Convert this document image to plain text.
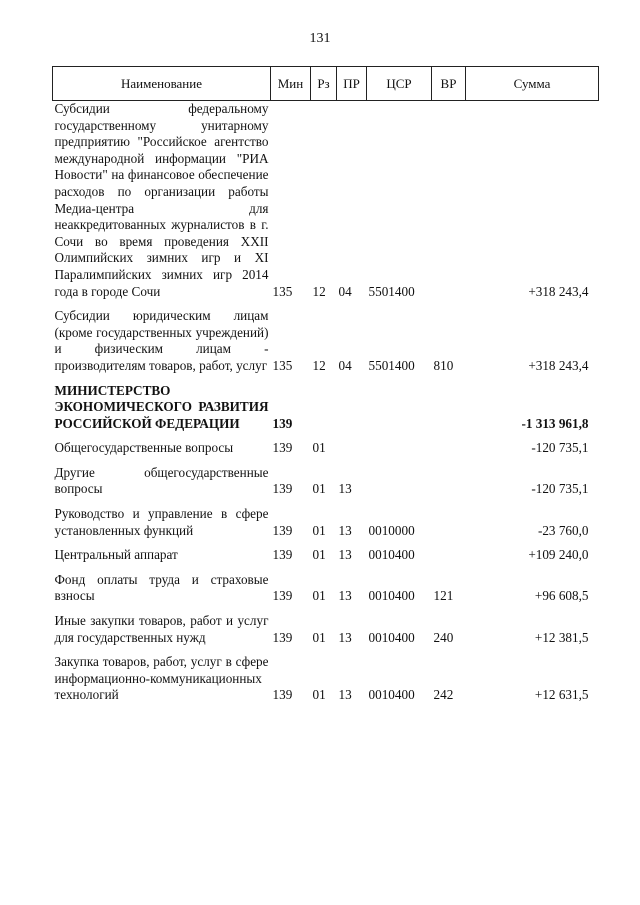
131
Наименование	Мин	Рз	ПР	ЦСР	ВР	Сумма

Субсидии федеральному государственному унитарному предприятию "Российское агентство международной информации "РИА Новости" на финансовое обеспечение расходов по организации работы Медиа-центра для неаккредитованных журналистов в г. Сочи во время проведения XXII Олимпийских зимних игр и XI Паралимпийских зимних игр 2014 года в городе Сочи	135	12	04	5501400		+318 243,4

Субсидии юридическим лицам (кроме государственных учреждений) и физическим лицам - производителям товаров, работ, услуг	135	12	04	5501400	810	+318 243,4

МИНИСТЕРСТВО ЭКОНОМИЧЕСКОГО РАЗВИТИЯ РОССИЙСКОЙ ФЕДЕРАЦИИ	139					-1 313 961,8

Общегосударственные вопросы	139	01				-120 735,1

Другие общегосударственные вопросы	139	01	13			-120 735,1

Руководство и управление в сфере установленных функций	139	01	13	0010000		-23 760,0

Центральный аппарат	139	01	13	0010400		+109 240,0

Фонд оплаты труда и страховые взносы	139	01	13	0010400	121	+96 608,5

Иные закупки товаров, работ и услуг для государственных нужд	139	01	13	0010400	240	+12 381,5

Закупка товаров, работ, услуг в сфере информационно-коммуникационных технологий	139	01	13	0010400	242	+12 631,5
